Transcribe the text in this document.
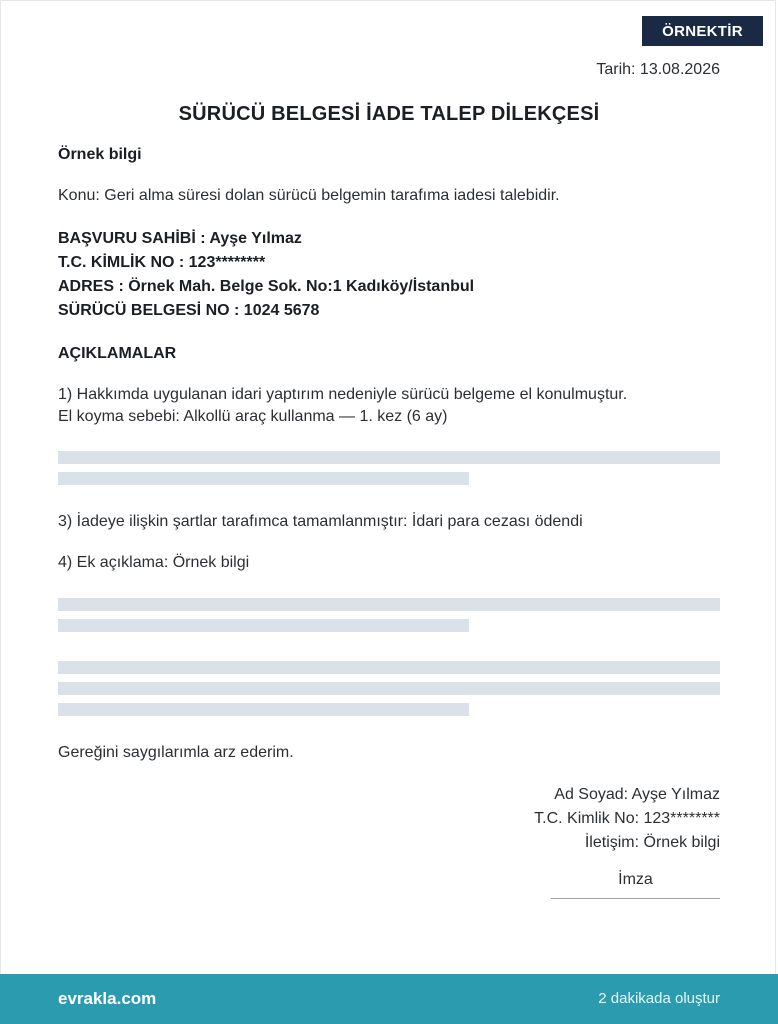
ÖRNEKTİR
Tarih: 13.08.2026
SÜRÜCÜ BELGESİ İADE TALEP DİLEKÇESİ
Örnek bilgi
Konu: Geri alma süresi dolan sürücü belgemin tarafıma iadesi talebidir.
BAŞVURU SAHİBİ : Ayşe Yılmaz
T.C. KİMLİK NO : 123********
ADRES : Örnek Mah. Belge Sok. No:1 Kadıköy/İstanbul
SÜRÜCÜ BELGESİ NO : 1024 5678
AÇIKLAMALAR
1) Hakkımda uygulanan idari yaptırım nedeniyle sürücü belgeme el konulmuştur.
El koyma sebebi: Alkollü araç kullanma — 1. kez (6 ay)
3) İadeye ilişkin şartlar tarafımca tamamlanmıştır: İdari para cezası ödendi
4) Ek açıklama: Örnek bilgi
Gereğini saygılarımla arz ederim.
Ad Soyad: Ayşe Yılmaz
T.C. Kimlik No: 123********
İletişim: Örnek bilgi
İmza
evrakla.com	2 dakikada oluştur
